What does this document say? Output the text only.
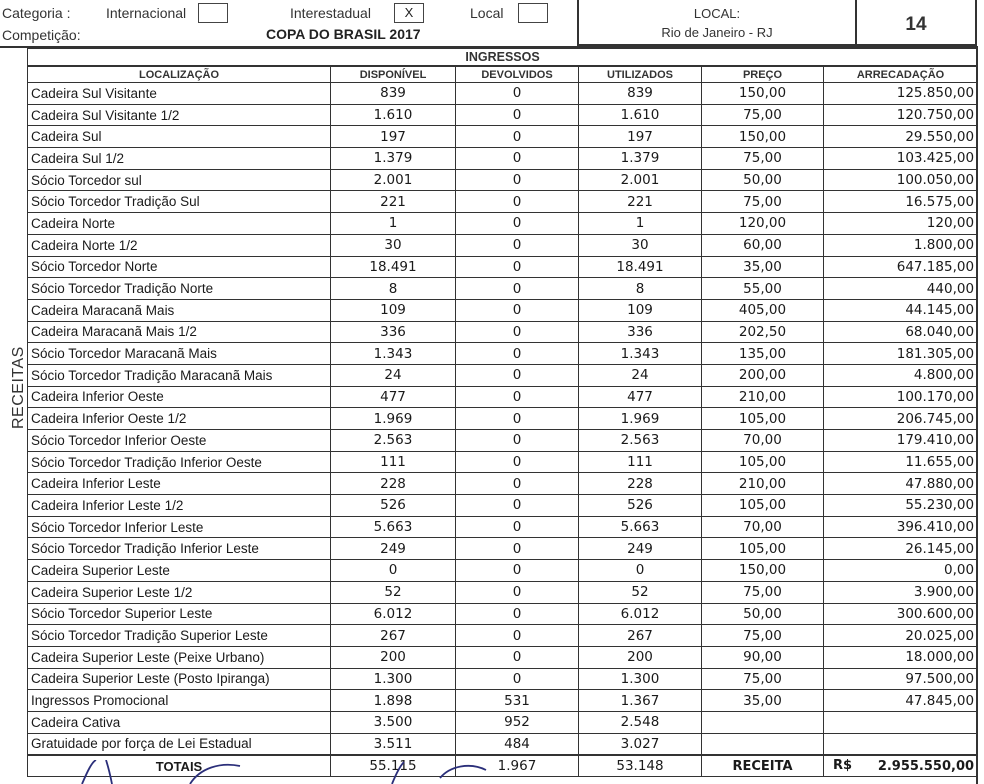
Categoria :	Internacional	Interestadual	X	Local
Competição:	COPA DO BRASIL 2017
LOCAL:
Rio de Janeiro - RJ	14
RECEITAS
INGRESSOS					
LOCALIZAÇÃO	DISPONÍVEL	DEVOLVIDOS	UTILIZADOS	PREÇO	ARRECADAÇÃO
Cadeira Sul Visitante	839	0	839	150,00	125.850,00
Cadeira Sul Visitante 1/2	1.610	0	1.610	75,00	120.750,00
Cadeira Sul	197	0	197	150,00	29.550,00
Cadeira Sul 1/2	1.379	0	1.379	75,00	103.425,00
Sócio Torcedor sul	2.001	0	2.001	50,00	100.050,00
Sócio Torcedor Tradição Sul	221	0	221	75,00	16.575,00
Cadeira Norte	1	0	1	120,00	120,00
Cadeira Norte 1/2	30	0	30	60,00	1.800,00
Sócio Torcedor Norte	18.491	0	18.491	35,00	647.185,00
Sócio Torcedor Tradição Norte	8	0	8	55,00	440,00
Cadeira Maracanã Mais	109	0	109	405,00	44.145,00
Cadeira Maracanã Mais 1/2	336	0	336	202,50	68.040,00
Sócio Torcedor Maracanã Mais	1.343	0	1.343	135,00	181.305,00
Sócio Torcedor Tradição Maracanã Mais	24	0	24	200,00	4.800,00
Cadeira Inferior Oeste	477	0	477	210,00	100.170,00
Cadeira Inferior Oeste 1/2	1.969	0	1.969	105,00	206.745,00
Sócio Torcedor Inferior Oeste	2.563	0	2.563	70,00	179.410,00
Sócio Torcedor Tradição Inferior Oeste	111	0	111	105,00	11.655,00
Cadeira Inferior Leste	228	0	228	210,00	47.880,00
Cadeira Inferior Leste 1/2	526	0	526	105,00	55.230,00
Sócio Torcedor Inferior Leste	5.663	0	5.663	70,00	396.410,00
Sócio Torcedor Tradição Inferior Leste	249	0	249	105,00	26.145,00
Cadeira Superior Leste	0	0	0	150,00	0,00
Cadeira Superior Leste 1/2	52	0	52	75,00	3.900,00
Sócio Torcedor Superior Leste	6.012	0	6.012	50,00	300.600,00
Sócio Torcedor Tradição Superior Leste	267	0	267	75,00	20.025,00
Cadeira Superior Leste (Peixe Urbano)	200	0	200	90,00	18.000,00
Cadeira Superior Leste (Posto Ipiranga)	1.300	0	1.300	75,00	97.500,00
Ingressos Promocional	1.898	531	1.367	35,00	47.845,00
Cadeira Cativa	3.500	952	2.548		
Gratuidade por força de Lei Estadual	3.511	484	3.027		
TOTAIS	55.115	1.967	53.148	RECEITA	R$ 2.955.550,00
